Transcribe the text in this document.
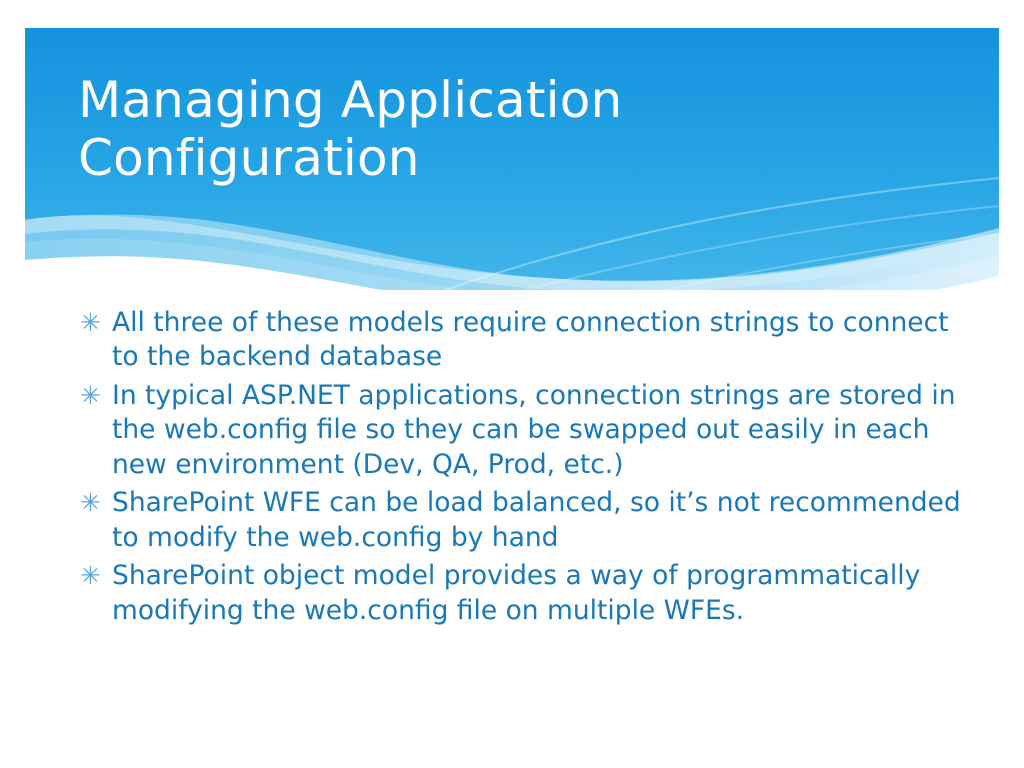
Managing Application Configuration
✳ All three of these models require connection strings to connect to the backend database
✳ In typical ASP.NET applications, connection strings are stored in the web.config file so they can be swapped out easily in each new environment (Dev, QA, Prod, etc.)
✳ SharePoint WFE can be load balanced, so it’s not recommended to modify the web.config by hand
✳ SharePoint object model provides a way of programmatically modifying the web.config file on multiple WFEs.
